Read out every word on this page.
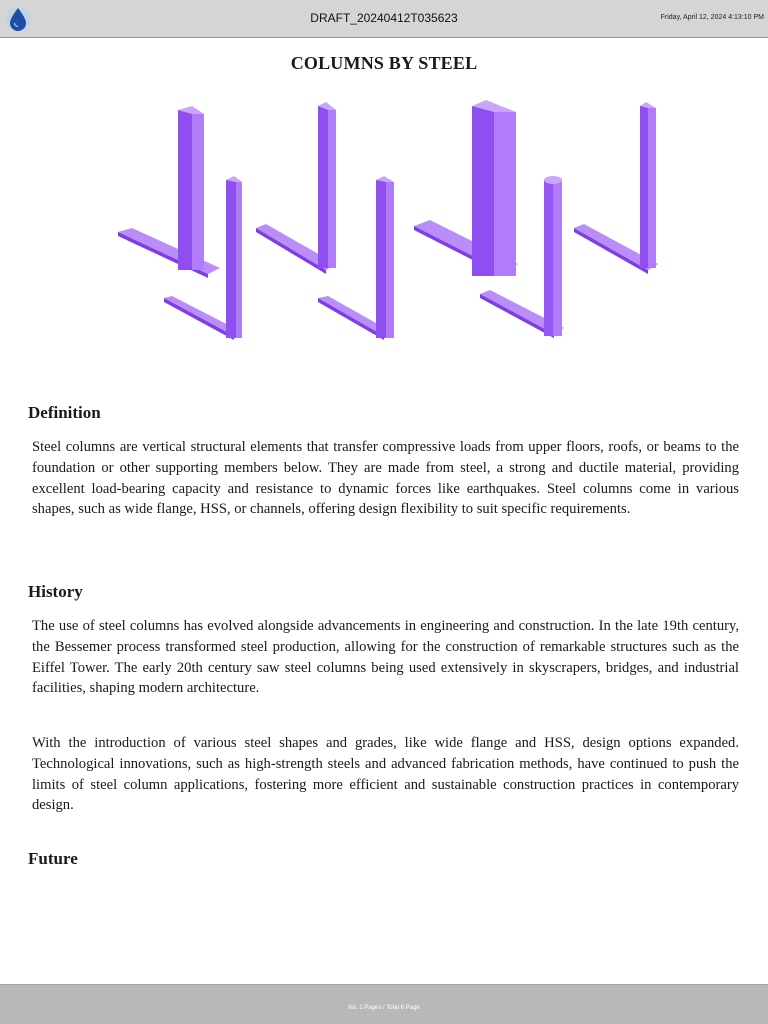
DRAFT_20240412T035623	Friday, April 12, 2024 4:13:10 PM
COLUMNS BY STEEL
Definition

Steel columns are vertical structural elements that transfer compressive loads from upper floors, roofs, or beams to the foundation or other supporting members below. They are made from steel, a strong and ductile material, providing excellent load-bearing capacity and resistance to dynamic forces like earthquakes. Steel columns come in various shapes, such as wide flange, HSS, or channels, offering design flexibility to suit specific requirements.

History

The use of steel columns has evolved alongside advancements in engineering and construction. In the late 19th century, the Bessemer process transformed steel production, allowing for the construction of remarkable structures such as the Eiffel Tower. The early 20th century saw steel columns being used extensively in skyscrapers, bridges, and industrial facilities, shaping modern architecture.

With the introduction of various steel shapes and grades, like wide flange and HSS, design options expanded. Technological innovations, such as high-strength steels and advanced fabrication methods, have continued to push the limits of steel column applications, fostering more efficient and sustainable construction practices in contemporary design.

Future
No. 1 Pages / Total 8 Page
